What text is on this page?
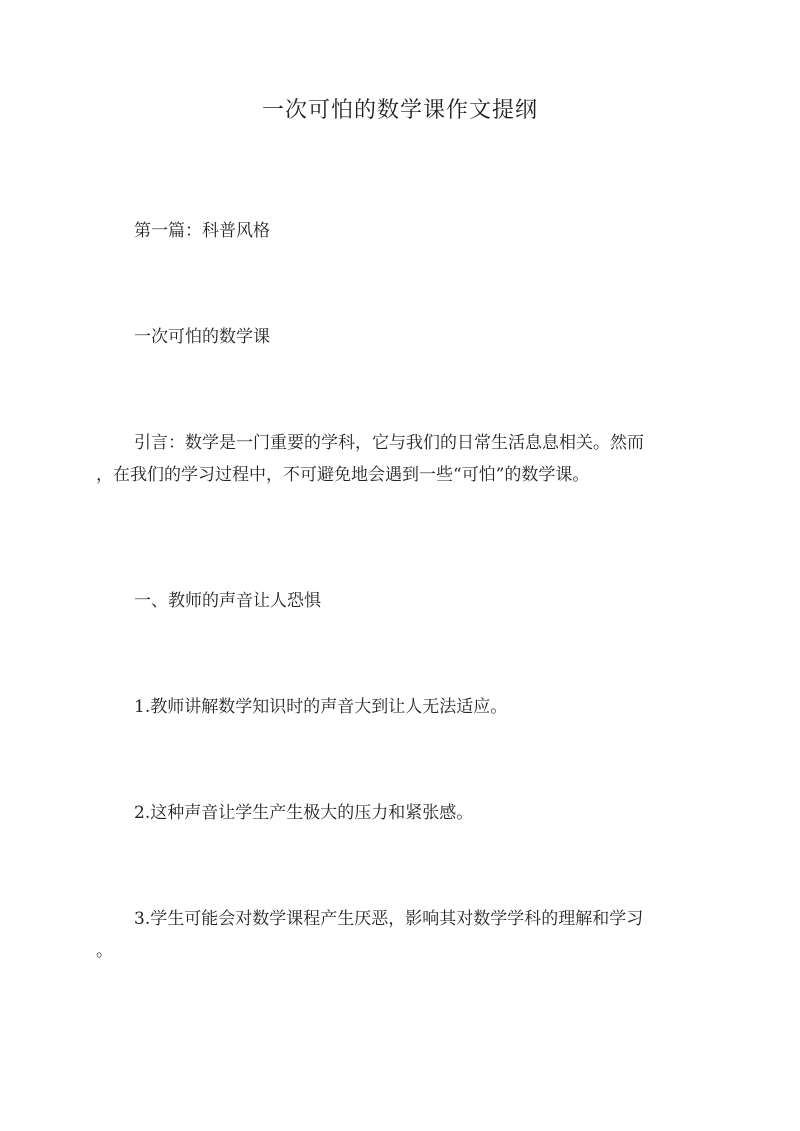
一次可怕的数学课作文提纲
第一篇：科普风格
一次可怕的数学课
引言：数学是一门重要的学科，它与我们的日常生活息息相关。然而
，在我们的学习过程中，不可避免地会遇到一些“可怕”的数学课。
一、教师的声音让人恐惧
1.教师讲解数学知识时的声音大到让人无法适应。
2.这种声音让学生产生极大的压力和紧张感。
3.学生可能会对数学课程产生厌恶，影响其对数学学科的理解和学习
。
